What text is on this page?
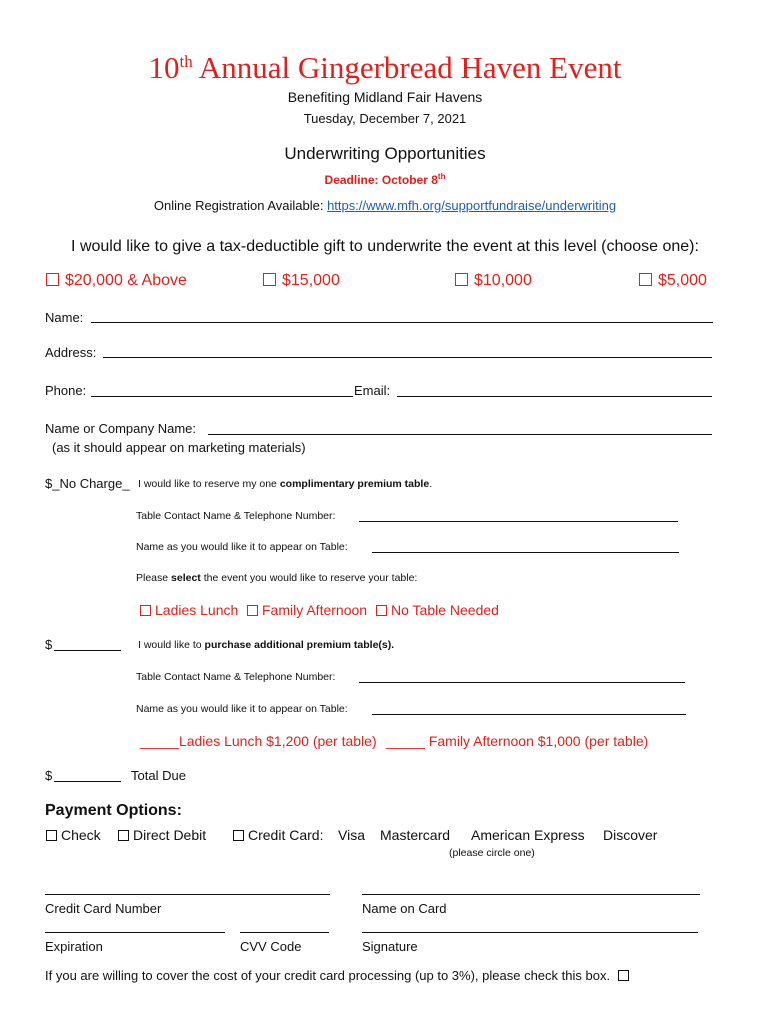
10th Annual Gingerbread Haven Event
Benefiting Midland Fair Havens
Tuesday, December 7, 2021
Underwriting Opportunities
Deadline: October 8th
Online Registration Available: https://www.mfh.org/supportfundraise/underwriting
I would like to give a tax-deductible gift to underwrite the event at this level (choose one):
$20,000 & Above	$15,000	$10,000	$5,000
Name:
Address:
Phone:	Email:
Name or Company Name:
(as it should appear on marketing materials)
$_No Charge_ I would like to reserve my one complimentary premium table.
Table Contact Name & Telephone Number:
Name as you would like it to appear on Table:
Please select the event you would like to reserve your table:
Ladies Lunch	Family Afternoon	No Table Needed
$	I would like to purchase additional premium table(s).
Table Contact Name & Telephone Number:
Name as you would like it to appear on Table:
_____Ladies Lunch $1,200 (per table) _____ Family Afternoon $1,000 (per table)
$	Total Due
Payment Options:
Check	Direct Debit	Credit Card: Visa Mastercard American Express Discover
(please circle one)
Credit Card Number	Name on Card
Expiration	CVV Code	Signature
If you are willing to cover the cost of your credit card processing (up to 3%), please check this box.
